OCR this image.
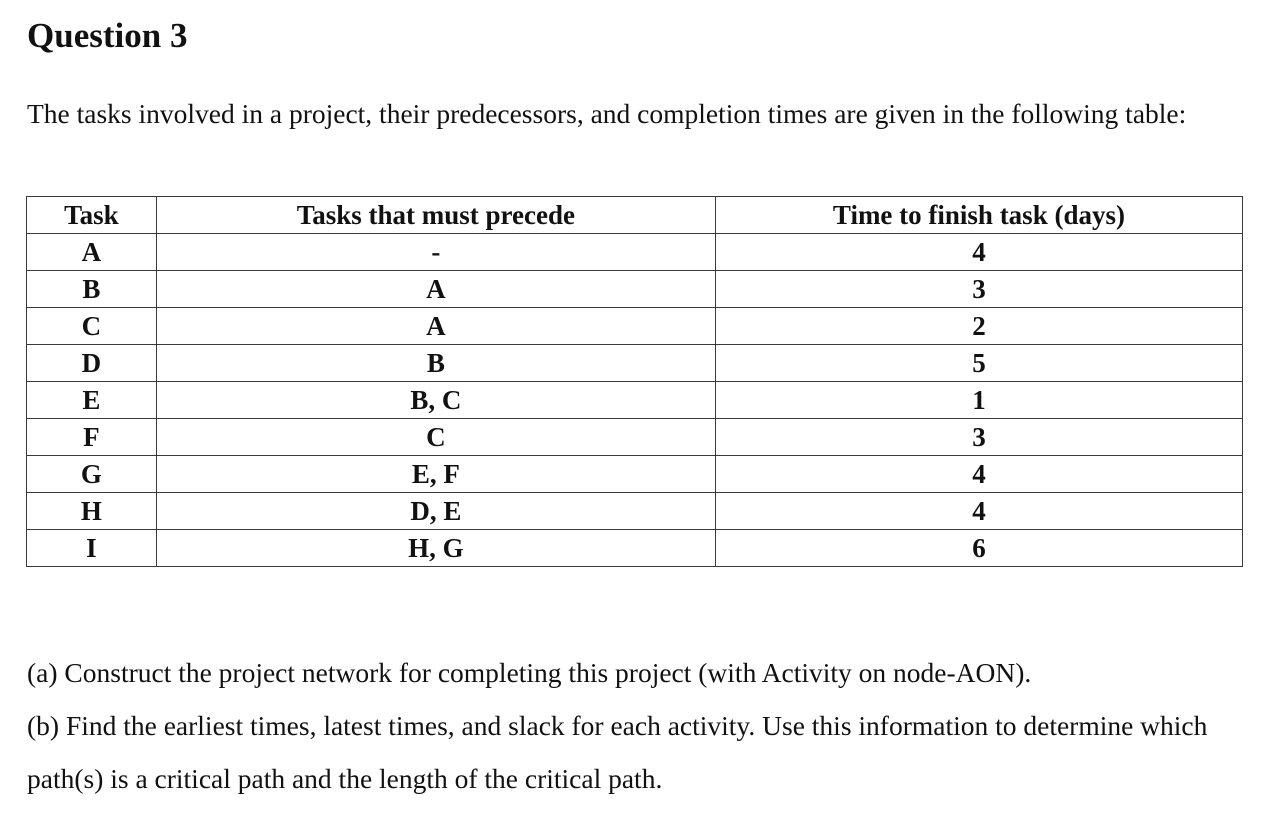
Question 3

The tasks involved in a project, their predecessors, and completion times are given in the following table:

Task	Tasks that must precede	Time to finish task (days)
A	-	4
B	A	3
C	A	2
D	B	5
E	B, C	1
F	C	3
G	E, F	4
H	D, E	4
I	H, G	6

(a) Construct the project network for completing this project (with Activity on node-AON).

(b) Find the earliest times, latest times, and slack for each activity. Use this information to determine which path(s) is a critical path and the length of the critical path.
